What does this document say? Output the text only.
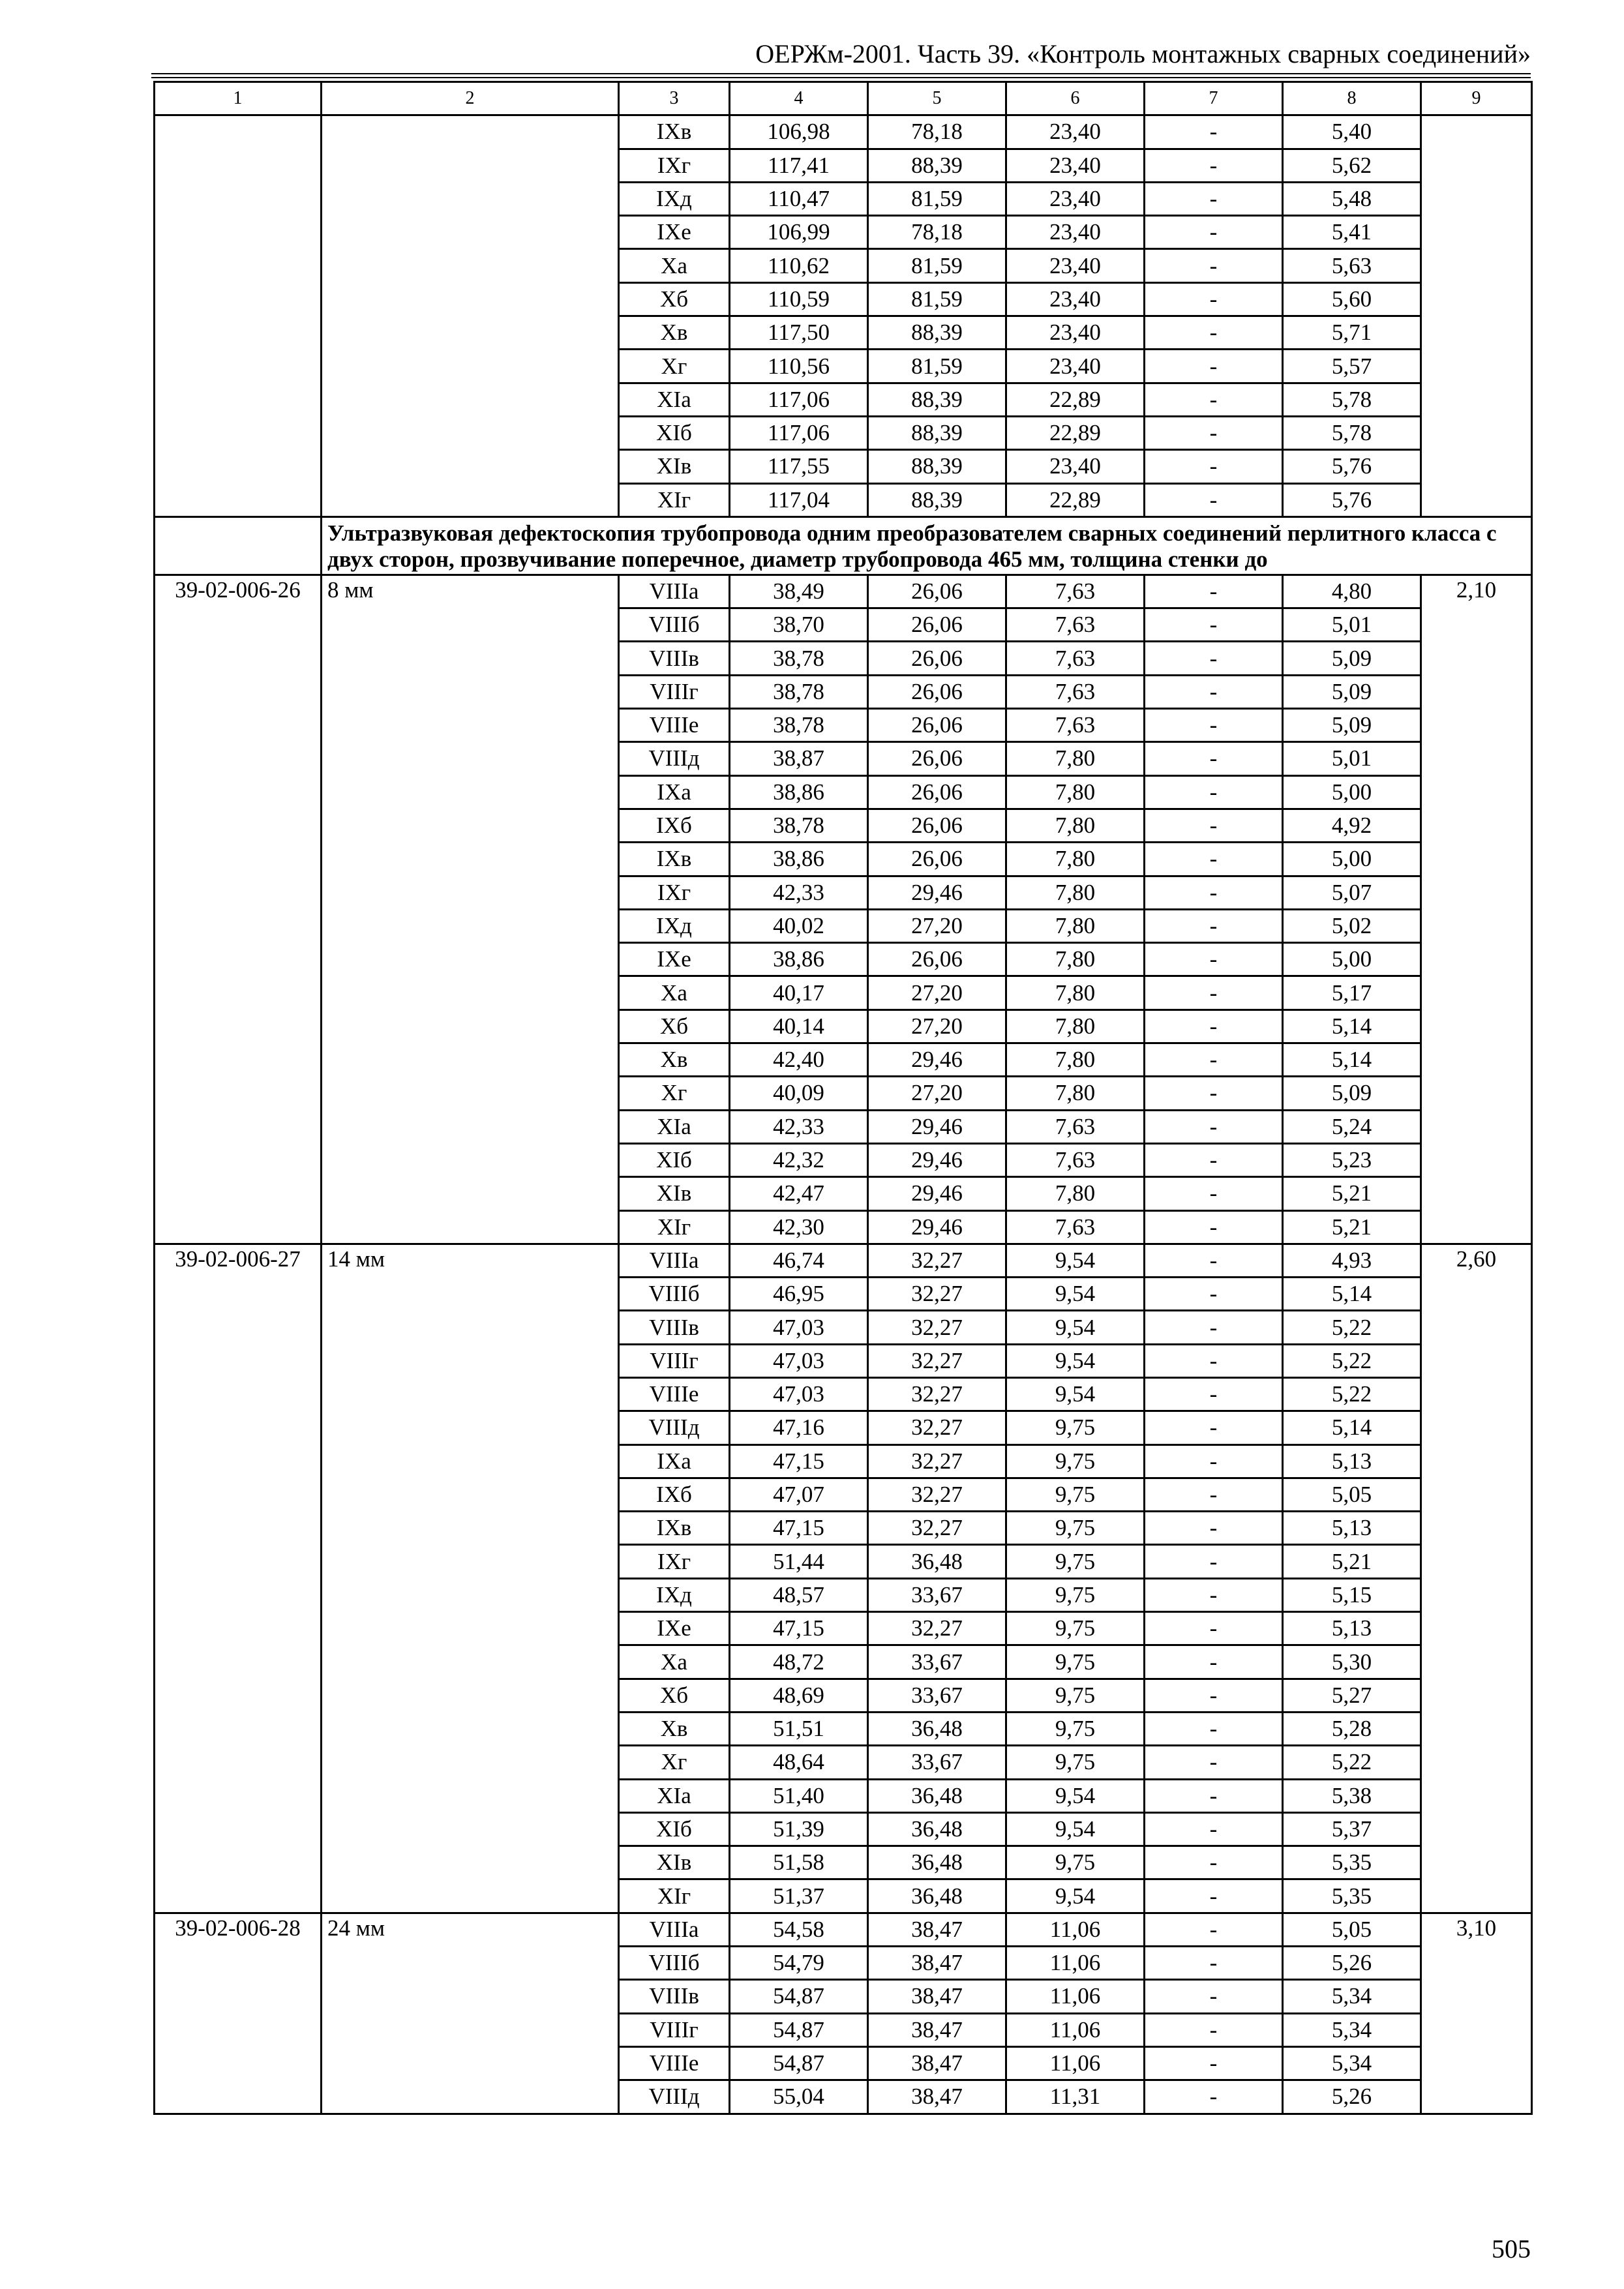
ОЕРЖм-2001. Часть 39. «Контроль монтажных сварных соединений»
1	2	3	4	5	6	7	8	9
		IXв	106,98	78,18	23,40	-	5,40	
		IXг	117,41	88,39	23,40	-	5,62	
		IXд	110,47	81,59	23,40	-	5,48	
		IXе	106,99	78,18	23,40	-	5,41	
		Xа	110,62	81,59	23,40	-	5,63	
		Xб	110,59	81,59	23,40	-	5,60	
		Xв	117,50	88,39	23,40	-	5,71	
		Xг	110,56	81,59	23,40	-	5,57	
		XIа	117,06	88,39	22,89	-	5,78	
		XIб	117,06	88,39	22,89	-	5,78	
		XIв	117,55	88,39	23,40	-	5,76	
		XIг	117,04	88,39	22,89	-	5,76	
	Ультразвуковая дефектоскопия трубопровода одним преобразователем сварных соединений перлитного класса с двух сторон, прозвучивание поперечное, диаметр трубопровода 465 мм, толщина стенки до							
39-02-006-26	8 мм	VIIIа	38,49	26,06	7,63	-	4,80	2,10
		VIIIб	38,70	26,06	7,63	-	5,01	
		VIIIв	38,78	26,06	7,63	-	5,09	
		VIIIг	38,78	26,06	7,63	-	5,09	
		VIIIе	38,78	26,06	7,63	-	5,09	
		VIIIд	38,87	26,06	7,80	-	5,01	
		IXа	38,86	26,06	7,80	-	5,00	
		IXб	38,78	26,06	7,80	-	4,92	
		IXв	38,86	26,06	7,80	-	5,00	
		IXг	42,33	29,46	7,80	-	5,07	
		IXд	40,02	27,20	7,80	-	5,02	
		IXе	38,86	26,06	7,80	-	5,00	
		Xа	40,17	27,20	7,80	-	5,17	
		Xб	40,14	27,20	7,80	-	5,14	
		Xв	42,40	29,46	7,80	-	5,14	
		Xг	40,09	27,20	7,80	-	5,09	
		XIа	42,33	29,46	7,63	-	5,24	
		XIб	42,32	29,46	7,63	-	5,23	
		XIв	42,47	29,46	7,80	-	5,21	
		XIг	42,30	29,46	7,63	-	5,21	
39-02-006-27	14 мм	VIIIа	46,74	32,27	9,54	-	4,93	2,60
		VIIIб	46,95	32,27	9,54	-	5,14	
		VIIIв	47,03	32,27	9,54	-	5,22	
		VIIIг	47,03	32,27	9,54	-	5,22	
		VIIIе	47,03	32,27	9,54	-	5,22	
		VIIIд	47,16	32,27	9,75	-	5,14	
		IXа	47,15	32,27	9,75	-	5,13	
		IXб	47,07	32,27	9,75	-	5,05	
		IXв	47,15	32,27	9,75	-	5,13	
		IXг	51,44	36,48	9,75	-	5,21	
		IXд	48,57	33,67	9,75	-	5,15	
		IXе	47,15	32,27	9,75	-	5,13	
		Xа	48,72	33,67	9,75	-	5,30	
		Xб	48,69	33,67	9,75	-	5,27	
		Xв	51,51	36,48	9,75	-	5,28	
		Xг	48,64	33,67	9,75	-	5,22	
		XIа	51,40	36,48	9,54	-	5,38	
		XIб	51,39	36,48	9,54	-	5,37	
		XIв	51,58	36,48	9,75	-	5,35	
		XIг	51,37	36,48	9,54	-	5,35	
39-02-006-28	24 мм	VIIIа	54,58	38,47	11,06	-	5,05	3,10
		VIIIб	54,79	38,47	11,06	-	5,26	
		VIIIв	54,87	38,47	11,06	-	5,34	
		VIIIг	54,87	38,47	11,06	-	5,34	
		VIIIе	54,87	38,47	11,06	-	5,34	
		VIIIд	55,04	38,47	11,31	-	5,26	
505
